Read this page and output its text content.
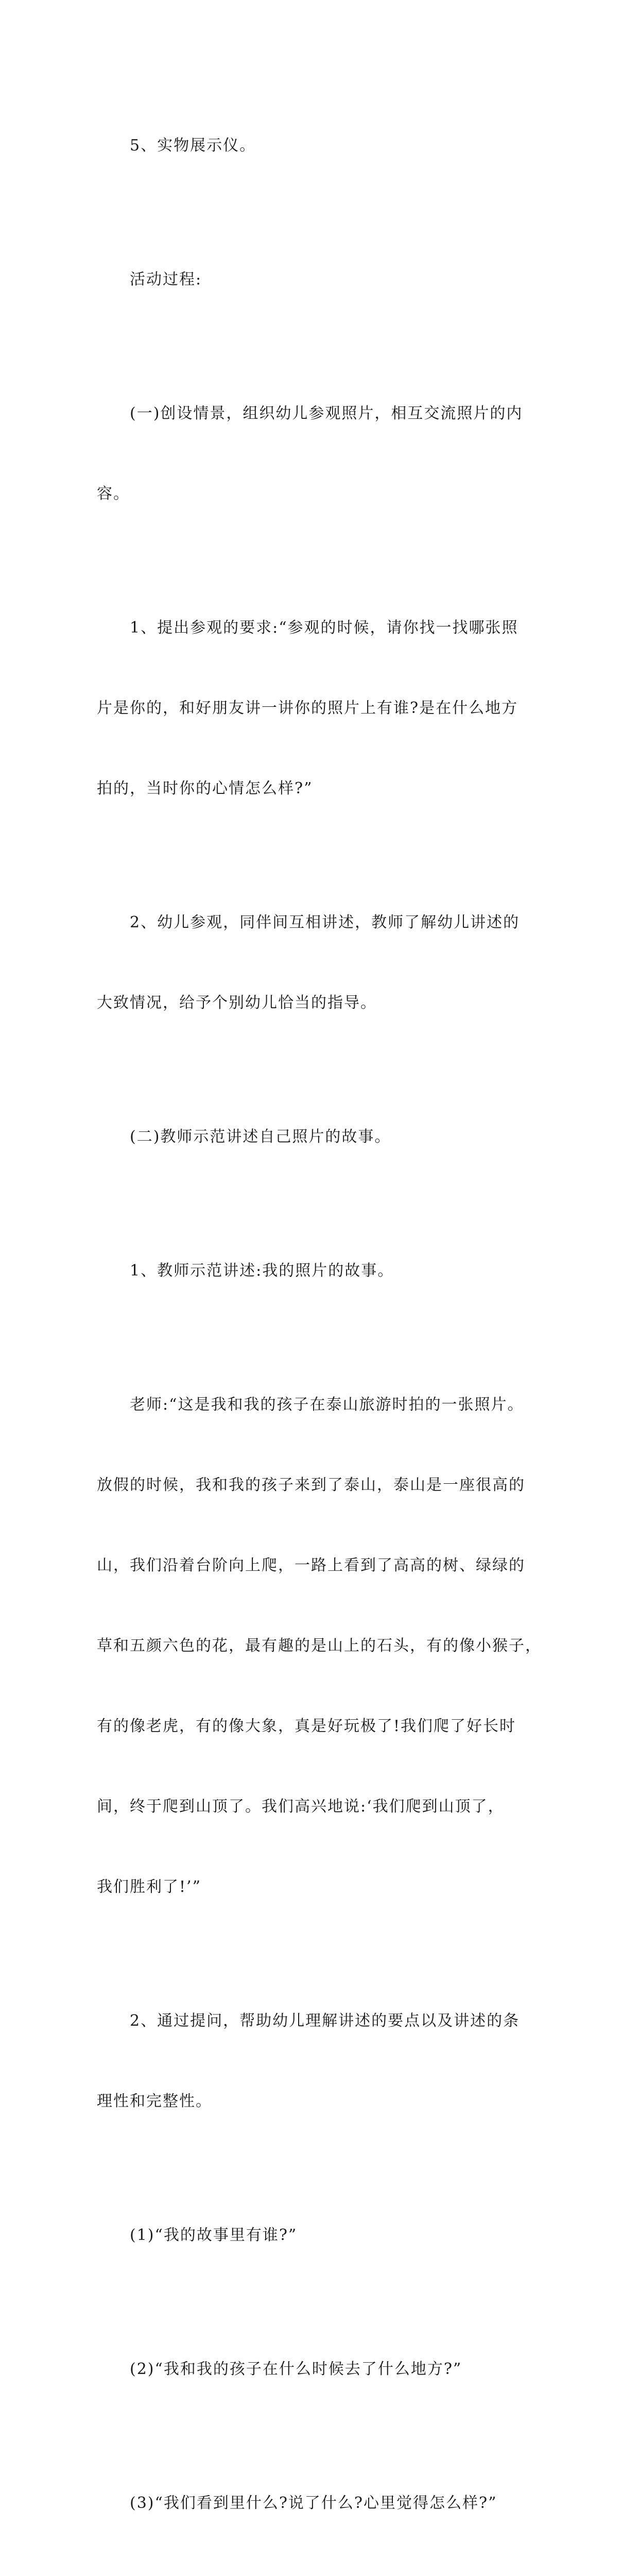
5、实物展示仪。

活动过程:

(一)创设情景，组织幼儿参观照片，相互交流照片的内

容。

1、提出参观的要求:“参观的时候，请你找一找哪张照

片是你的，和好朋友讲一讲你的照片上有谁?是在什么地方

拍的，当时你的心情怎么样?”

2、幼儿参观，同伴间互相讲述，教师了解幼儿讲述的

大致情况，给予个别幼儿恰当的指导。

(二)教师示范讲述自己照片的故事。

1、教师示范讲述:我的照片的故事。

老师:“这是我和我的孩子在泰山旅游时拍的一张照片。

放假的时候，我和我的孩子来到了泰山，泰山是一座很高的

山，我们沿着台阶向上爬，一路上看到了高高的树、绿绿的

草和五颜六色的花，最有趣的是山上的石头，有的像小猴子，

有的像老虎，有的像大象，真是好玩极了!我们爬了好长时

间，终于爬到山顶了。我们高兴地说:‘我们爬到山顶了，

我们胜利了!’”

2、通过提问，帮助幼儿理解讲述的要点以及讲述的条

理性和完整性。

(1)“我的故事里有谁?”

(2)“我和我的孩子在什么时候去了什么地方?”

(3)“我们看到里什么?说了什么?心里觉得怎么样?”
